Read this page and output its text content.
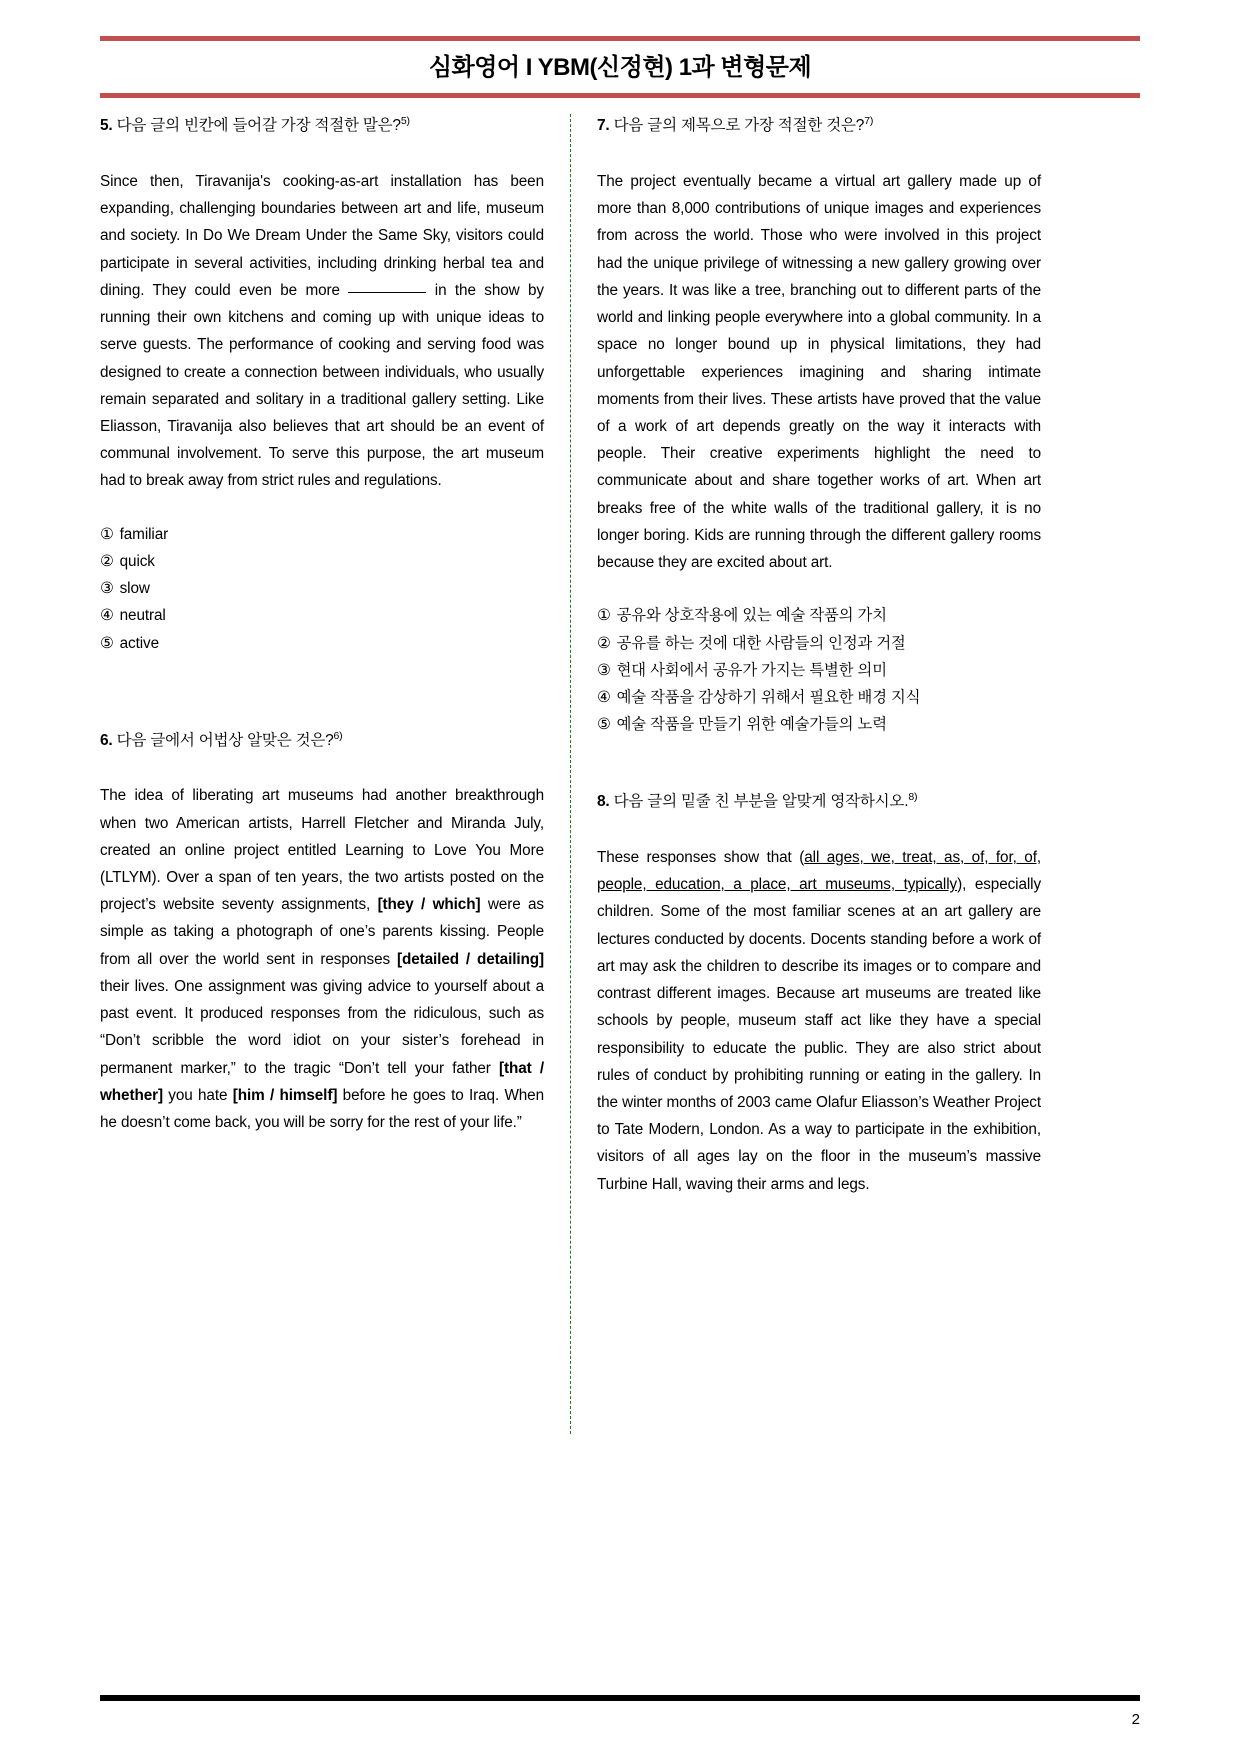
심화영어 I YBM(신정현) 1과 변형문제
5. 다음 글의 빈칸에 들어갈 가장 적절한 말은?$^{5)}$
Since then, Tiravanija's cooking-as-art installation has been expanding, challenging boundaries between art and life, museum and society. In Do We Dream Under the Same Sky, visitors could participate in several activities, including drinking herbal tea and dining. They could even be more	in the show by running their own kitchens and coming up with unique ideas to serve guests. The performance of cooking and serving food was designed to create a connection between individuals, who usually remain separated and solitary in a traditional gallery setting. Like Eliasson, Tiravanija also believes that art should be an event of communal involvement. To serve this purpose, the art museum had to break away from strict rules and regulations.
① familiar
② quick
③ slow
④ neutral
⑤ active
6. 다음 글에서 어법상 알맞은 것은?$^{6)}$
The idea of liberating art museums had another breakthrough when two American artists, Harrell Fletcher and Miranda July, created an online project entitled Learning to Love You More (LTLYM). Over a span of ten years, the two artists posted on the project’s website seventy assignments, [they / which] were as simple as taking a photograph of one’s parents kissing. People from all over the world sent in responses [detailed / detailing] their lives. One assignment was giving advice to yourself about a past event. It produced responses from the ridiculous, such as “Don’t scribble the word idiot on your sister’s forehead in permanent marker,” to the tragic “Don’t tell your father [that / whether] you hate [him / himself] before he goes to Iraq. When he doesn’t come back, you will be sorry for the rest of your life.”
7. 다음 글의 제목으로 가장 적절한 것은?$^{7)}$
The project eventually became a virtual art gallery made up of more than 8,000 contributions of unique images and experiences from across the world. Those who were involved in this project had the unique privilege of witnessing a new gallery growing over the years. It was like a tree, branching out to different parts of the world and linking people everywhere into a global community. In a space no longer bound up in physical limitations, they had unforgettable experiences imagining and sharing intimate moments from their lives. These artists have proved that the value of a work of art depends greatly on the way it interacts with people. Their creative experiments highlight the need to communicate about and share together works of art. When art breaks free of the white walls of the traditional gallery, it is no longer boring. Kids are running through the different gallery rooms because they are excited about art.
① 공유와 상호작용에 있는 예술 작품의 가치
② 공유를 하는 것에 대한 사람들의 인정과 거절
③ 현대 사회에서 공유가 가지는 특별한 의미
④ 예술 작품을 감상하기 위해서 필요한 배경 지식
⑤ 예술 작품을 만들기 위한 예술가들의 노력
8. 다음 글의 밑줄 친 부분을 알맞게 영작하시오.$^{8)}$
These responses show that (all ages, we, treat, as, of, for, of, people, education, a place, art museums, typically), especially children. Some of the most familiar scenes at an art gallery are lectures conducted by docents. Docents standing before a work of art may ask the children to describe its images or to compare and contrast different images. Because art museums are treated like schools by people, museum staff act like they have a special responsibility to educate the public. They are also strict about rules of conduct by prohibiting running or eating in the gallery. In the winter months of 2003 came Olafur Eliasson’s Weather Project to Tate Modern, London. As a way to participate in the exhibition, visitors of all ages lay on the floor in the museum’s massive Turbine Hall, waving their arms and legs.
2
